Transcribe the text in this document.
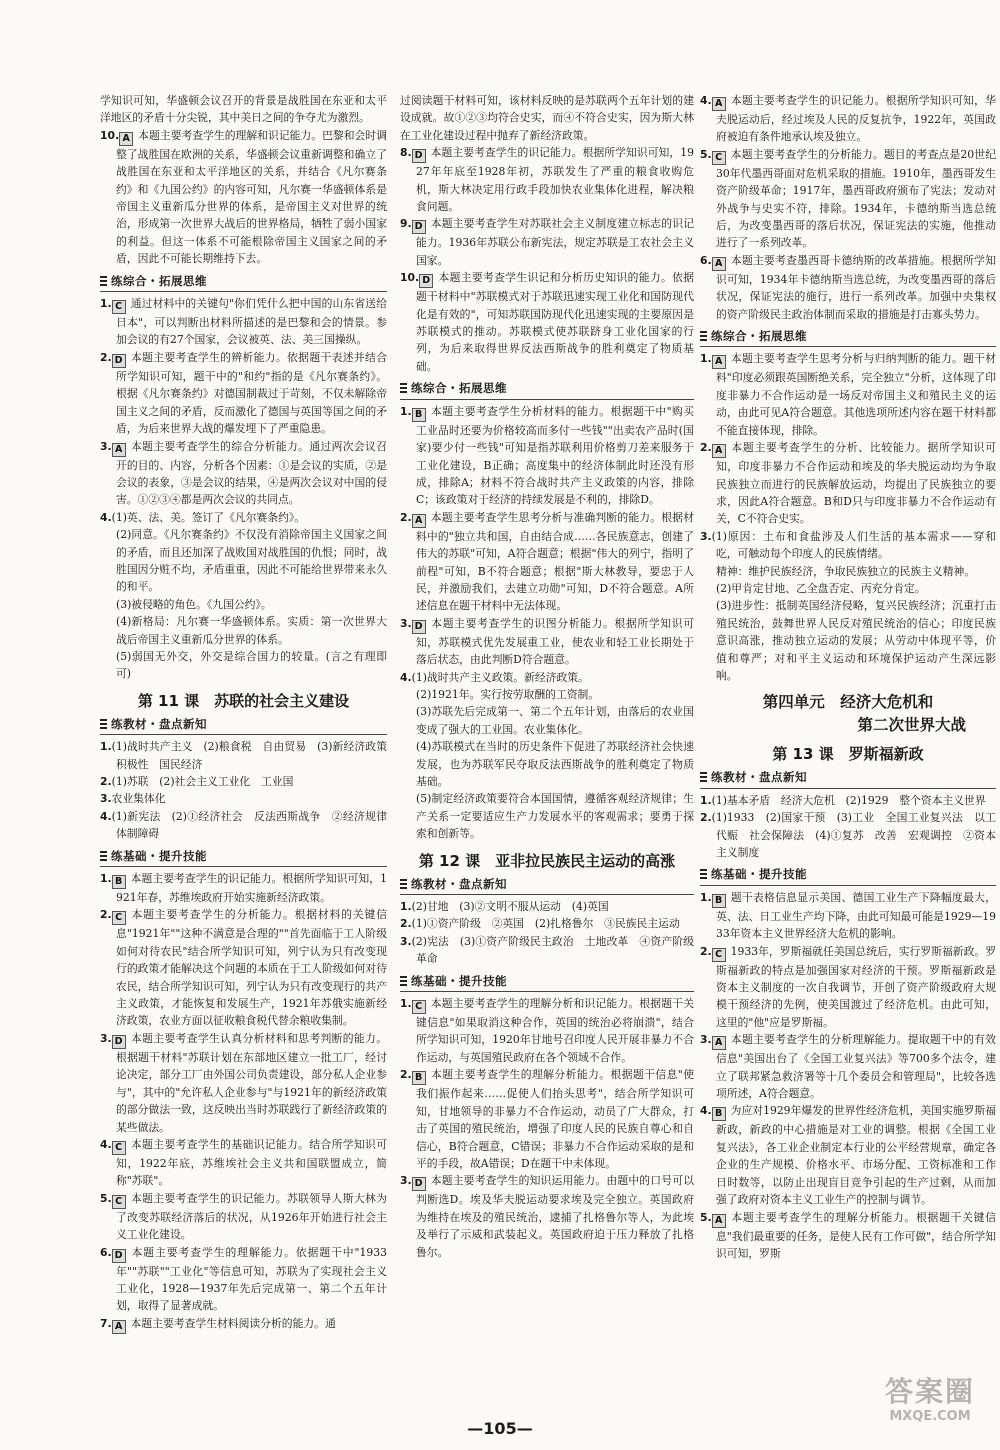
学知识可知，华盛顿会议召开的背景是战胜国在东亚和太平洋地区的矛盾十分尖锐，其中美日之间的争夺尤为激烈。
10. A 本题主要考查学生的理解和识记能力。巴黎和会时调整了战胜国在欧洲的关系，华盛顿会议重新调整和确立了战胜国在东亚和太平洋地区的关系，并结合《凡尔赛条约》和《九国公约》的内容可知，凡尔赛一华盛顿体系是帝国主义重新瓜分世界的体系，是帝国主义对世界的统治，形成第一次世界大战后的世界格局，牺牲了弱小国家的利益。但这一体系不可能根除帝国主义国家之间的矛盾，因此不可能长期维持下去。
练综合・拓展思维
1. C 通过材料中的关键句"你们凭什么把中国的山东省送给日本"，可以判断出材料所描述的是巴黎和会的情景。参加会议的有27个国家，会议被英、法、美三国操纵。
2. D 本题主要考查学生的辨析能力。依据题干表述并结合所学知识可知，题干中的"和约"指的是《凡尔赛条约》。根据《凡尔赛条约》对德国制裁过于苛刻，不仅未解除帝国主义之间的矛盾，反而激化了德国与英国等国之间的矛盾，为后来世界大战的爆发埋下了严重隐患。
3. A 本题主要考查学生的综合分析能力。通过两次会议召开的目的、内容，分析各个因素：①是会议的实质，②是会议的表象，③是会议的结果，④是两次会议对中国的侵害。①②③④都是两次会议的共同点。
4.(1)英、法、美。签订了《凡尔赛条约》。
(2)同意。《凡尔赛条约》不仅没有消除帝国主义国家之间的矛盾，而且还加深了战败国对战胜国的仇恨；同时，战胜国因分赃不均，矛盾重重，因此不可能给世界带来永久的和平。
(3)被侵略的角色。《九国公约》。
(4)新格局：凡尔赛一华盛顿体系。实质：第一次世界大战后帝国主义重新瓜分世界的体系。
(5)弱国无外交，外交是综合国力的较量。(言之有理即可)
第 11 课　苏联的社会主义建设
练教材・盘点新知
1.(1)战时共产主义　(2)粮食税　自由贸易　(3)新经济政策　积极性　国民经济
2.(1)苏联　(2)社会主义工业化　工业国
3.农业集体化
4.(1)新宪法　(2)①经济社会　反法西斯战争　②经济规律　体制障碍
练基础・提升技能
1. B 本题主要考查学生的识记能力。根据所学知识可知，1921年春，苏维埃政府开始实施新经济政策。
2. C 本题主要考查学生的分析能力。根据材料的关键信息"1921年""这种不满意是合理的""首先面临于工人阶级如何对待农民"结合所学知识可知，列宁认为只有改变现行的政策才能解决这个问题的本质在于工人阶级如何对待农民，结合所学知识可知，列宁认为只有改变现行的共产主义政策，才能恢复和发展生产，1921年苏俄实施新经济政策，农业方面以征收粮食税代替余粮收集制。
3. D 本题主要考查学生认真分析材料和思考判断的能力。根据题干材料"苏联计划在东部地区建立一批工厂，经讨论决定，部分工厂由外国公司负责建设，部分私人企业参与"，其中的"允许私人企业参与"与1921年的新经济政策的部分做法一致，这反映出当时苏联践行了新经济政策的某些做法。
4. C 本题主要考查学生的基础识记能力。结合所学知识可知，1922年底，苏维埃社会主义共和国联盟成立，简称"苏联"。
5. C 本题主要考查学生的识记能力。苏联领导人斯大林为了改变苏联经济落后的状况，从1926年开始进行社会主义工业化建设。
6. D 本题主要考查学生的理解能力。依据题干中"1933年""苏联""工业化"等信息可知，苏联为了实现社会主义工业化，1928—1937年先后完成第一、第二个五年计划，取得了显著成就。
7. A 本题主要考查学生材料阅读分析的能力。通
过阅读题干材料可知，该材料反映的是苏联两个五年计划的建设成就。故①②③均符合史实，而④不符合史实，因为斯大林在工业化建设过程中抛弃了新经济政策。
8. D 本题主要考查学生的识记能力。根据所学知识可知，1927年年底至1928年初，苏联发生了严重的粮食收购危机，斯大林决定用行政手段加快农业集体化进程，解决粮食问题。
9. D 本题主要考查学生对苏联社会主义制度建立标志的识记能力。1936年苏联公布新宪法，规定苏联是工农社会主义国家。
10. D 本题主要考查学生识记和分析历史知识的能力。依据题干材料中"苏联模式对于苏联迅速实现工业化和国防现代化是有效的"，可知苏联国防现代化迅速实现的主要原因是苏联模式的推动。苏联模式使苏联跻身工业化国家的行列，为后来取得世界反法西斯战争的胜利奠定了物质基础。
练综合・拓展思维
1. B 本题主要考查学生分析材料的能力。根据题干中"购买工业品时还要为价格较高而多付一些钱""出卖农产品时(国家)要少付一些钱"可知是指苏联利用价格剪刀差来服务于工业化建设，B正确；高度集中的经济体制此时还没有形成，排除A；材料不符合战时共产主义政策的内容，排除C；该政策对于经济的持续发展是不利的，排除D。
2. A 本题主要考查学生思考分析与准确判断的能力。根据材料中的"独立共和国，自由结合成……各民族意志，创建了伟大的苏联"可知，A符合题意；根据"伟大的列宁，指明了前程"可知，B不符合题意；根据"斯大林教导，要忠于人民，并激励我们，去建立功勋"可知，D不符合题意。A所述信息在题干材料中无法体现。
3. D 本题主要考查学生的识图分析能力。根据所学知识可知，苏联模式优先发展重工业，使农业和轻工业长期处于落后状态，由此判断D符合题意。
4.(1)战时共产主义政策。新经济政策。
(2)1921年。实行按劳取酬的工资制。
(3)苏联先后完成第一、第二个五年计划，由落后的农业国变成了强大的工业国。农业集体化。
(4)苏联模式在当时的历史条件下促进了苏联经济社会快速发展，也为苏联军民夺取反法西斯战争的胜利奠定了物质基础。
(5)制定经济政策要符合本国国情，遵循客观经济规律；生产关系一定要适应生产力发展水平的客观需求；要勇于探索和创新等。
第 12 课　亚非拉民族民主运动的高涨
练教材・盘点新知
1.(2)甘地　(3)②文明不服从运动　(4)英国
2.(1)①资产阶级　②英国　(2)扎格鲁尔　③民族民主运动
3.(2)宪法　(3)①资产阶级民主政治　土地改革　④资产阶级革命
练基础・提升技能
1. C 本题主要考查学生的理解分析和识记能力。根据题干关键信息"如果取消这种合作，英国的统治必将崩溃"，结合所学知识可知，1920年甘地号召印度人民开展非暴力不合作运动，与英国殖民政府在各个领域不合作。
2. B 本题主要考查学生的理解分析能力。根据题干信息"使我们振作起来……促使人们抬头思考"，结合所学知识可知，甘地领导的非暴力不合作运动，动员了广大群众，打击了英国的殖民统治，增强了印度人民的民族自尊心和自信心，B符合题意，C错误；非暴力不合作运动采取的是和平的手段，故A错误；D在题干中未体现。
3. D 本题主要考查学生的知识运用能力。由题中的口号可以判断选D。埃及华夫脱运动要求埃及完全独立。英国政府为维持在埃及的殖民统治，逮捕了扎格鲁尔等人，为此埃及举行了示威和武装起义。英国政府迫于压力释放了扎格鲁尔。
4. A 本题主要考查学生的识记能力。根据所学知识可知，华夫脱运动后，经过埃及人民的反复抗争，1922年，英国政府被迫有条件地承认埃及独立。
5. C 本题主要考查学生的分析能力。题目的考查点是20世纪30年代墨西哥面对危机采取的措施。1910年，墨西哥发生资产阶级革命；1917年，墨西哥政府颁布了宪法；发动对外战争与史实不符，排除。1934年，卡德纳斯当选总统后，为改变墨西哥的落后状况，保证宪法的实施，他推动进行了一系列改革。
6. A 本题主要考查墨西哥卡德纳斯的改革措施。根据所学知识可知，1934年卡德纳斯当选总统，为改变墨西哥的落后状况，保证宪法的施行，进行一系列改革。加强中央集权的资产阶级民主政治体制而采取的措施是打击寡头势力。
练综合・拓展思维
1. A 本题主要考查学生思考分析与归纳判断的能力。题干材料"印度必须跟英国断绝关系，完全独立"分析，这体现了印度非暴力不合作运动是一场反对帝国主义和殖民主义的运动，由此可见A符合题意。其他选项所述内容在题干材料都不能直接体现，排除。
2. A 本题主要考查学生的分析、比较能力。据所学知识可知，印度非暴力不合作运动和埃及的华夫脱运动均为争取民族独立而进行的民族解放运动，均提出了民族独立的要求，因此A符合题意。B和D只与印度非暴力不合作运动有关，C不符合史实。
3.(1)原因：土布和食盐涉及人们生活的基本需求——穿和吃，可触动每个印度人的民族情绪。
精神：维护民族经济，争取民族独立的民族主义精神。
(2)甲肯定甘地、乙全盘否定、丙充分肯定。
(3)进步性：抵制英国经济侵略，复兴民族经济；沉重打击殖民统治，鼓舞世界人民反对殖民统治的信心；印度民族意识高涨，推动独立运动的发展；从劳动中体现平等，价值和尊严；对和平主义运动和环境保护运动产生深远影响。
第四单元　经济大危机和
第二次世界大战
第 13 课　罗斯福新政
练教材・盘点新知
1.(1)基本矛盾　经济大危机　(2)1929　整个资本主义世界
2.(1)1933　(2)国家干预　(3)工业　全国工业复兴法　以工代赈　社会保障法　(4)①复苏　改善　宏观调控　②资本主义制度
练基础・提升技能
1. B 题干表格信息显示美国、德国工业生产下降幅度最大，英、法、日工业生产均下降，由此可知最可能是1929—1933年资本主义世界经济大危机的影响。
2. C 1933年，罗斯福就任美国总统后，实行罗斯福新政。罗斯福新政的特点是加强国家对经济的干预。罗斯福新政是资本主义制度的一次自我调节，开创了资产阶级政府大规模干预经济的先例，使美国渡过了经济危机。由此可知，这里的"他"应是罗斯福。
3. A 本题主要考查学生的分析理解能力。提取题干中的有效信息"美国出台了《全国工业复兴法》等700多个法令，建立了联邦紧急救济署等十几个委员会和管理局"，比较各选项所述，A符合题意。
4. B 为应对1929年爆发的世界性经济危机，美国实施罗斯福新政，新政的中心措施是对工业的调整。根据《全国工业复兴法》，各工业企业制定本行业的公平经营规章，确定各企业的生产规模、价格水平、市场分配、工资标准和工作日时数等，以防止出现盲目竞争引起的生产过剩，从而加强了政府对资本主义工业生产的控制与调节。
5. A 本题主要考查学生的理解分析能力。根据题干关键信息"我们最重要的任务，是使人民有工作可做"，结合所学知识可知，罗斯
—105—
答案圈
MXQE.COM
